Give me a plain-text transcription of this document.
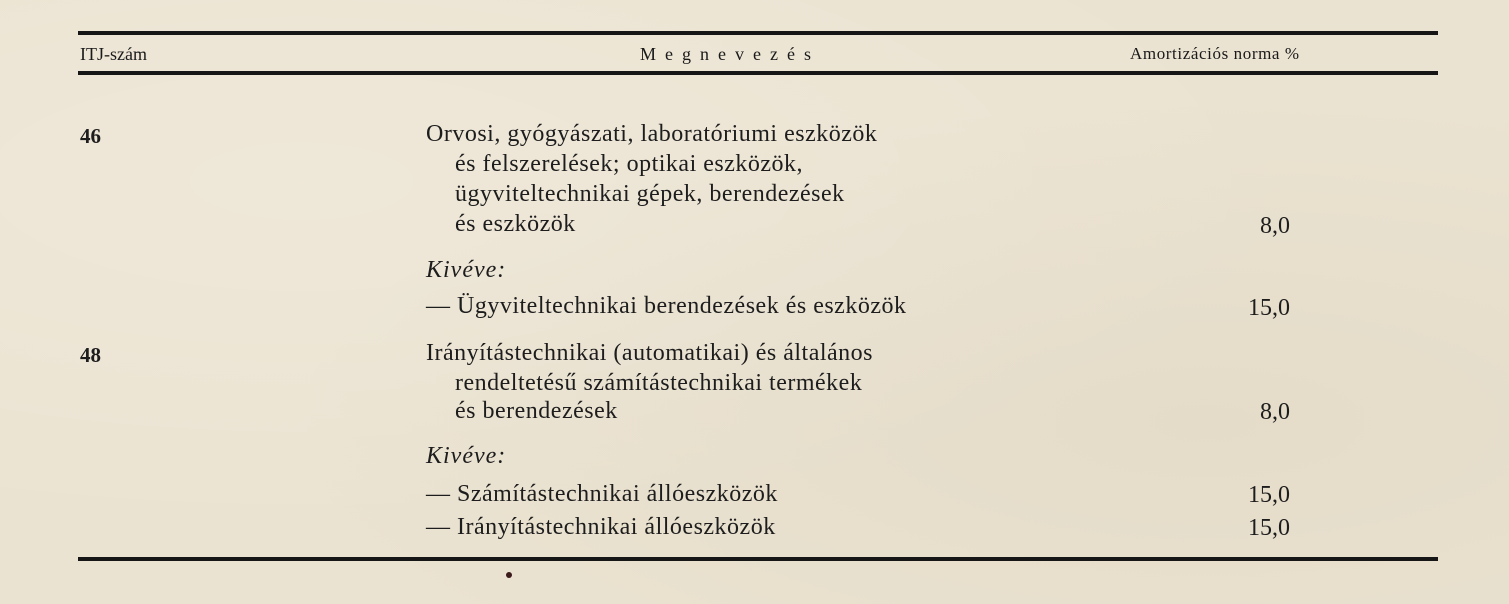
ITJ-szám	Megnevezés	Amortizációs norma %
46	Orvosi, gyógyászati, laboratóriumi eszközök
és felszerelések; optikai eszközök,
ügyviteltechnikai gépek, berendezések
és eszközök	8,0
Kivéve:
— Ügyviteltechnikai berendezések és eszközök	15,0
48	Irányítástechnikai (automatikai) és általános
rendeltetésű számítástechnikai termékek
és berendezések	8,0
Kivéve:
— Számítástechnikai állóeszközök	15,0
— Irányítástechnikai állóeszközök	15,0
